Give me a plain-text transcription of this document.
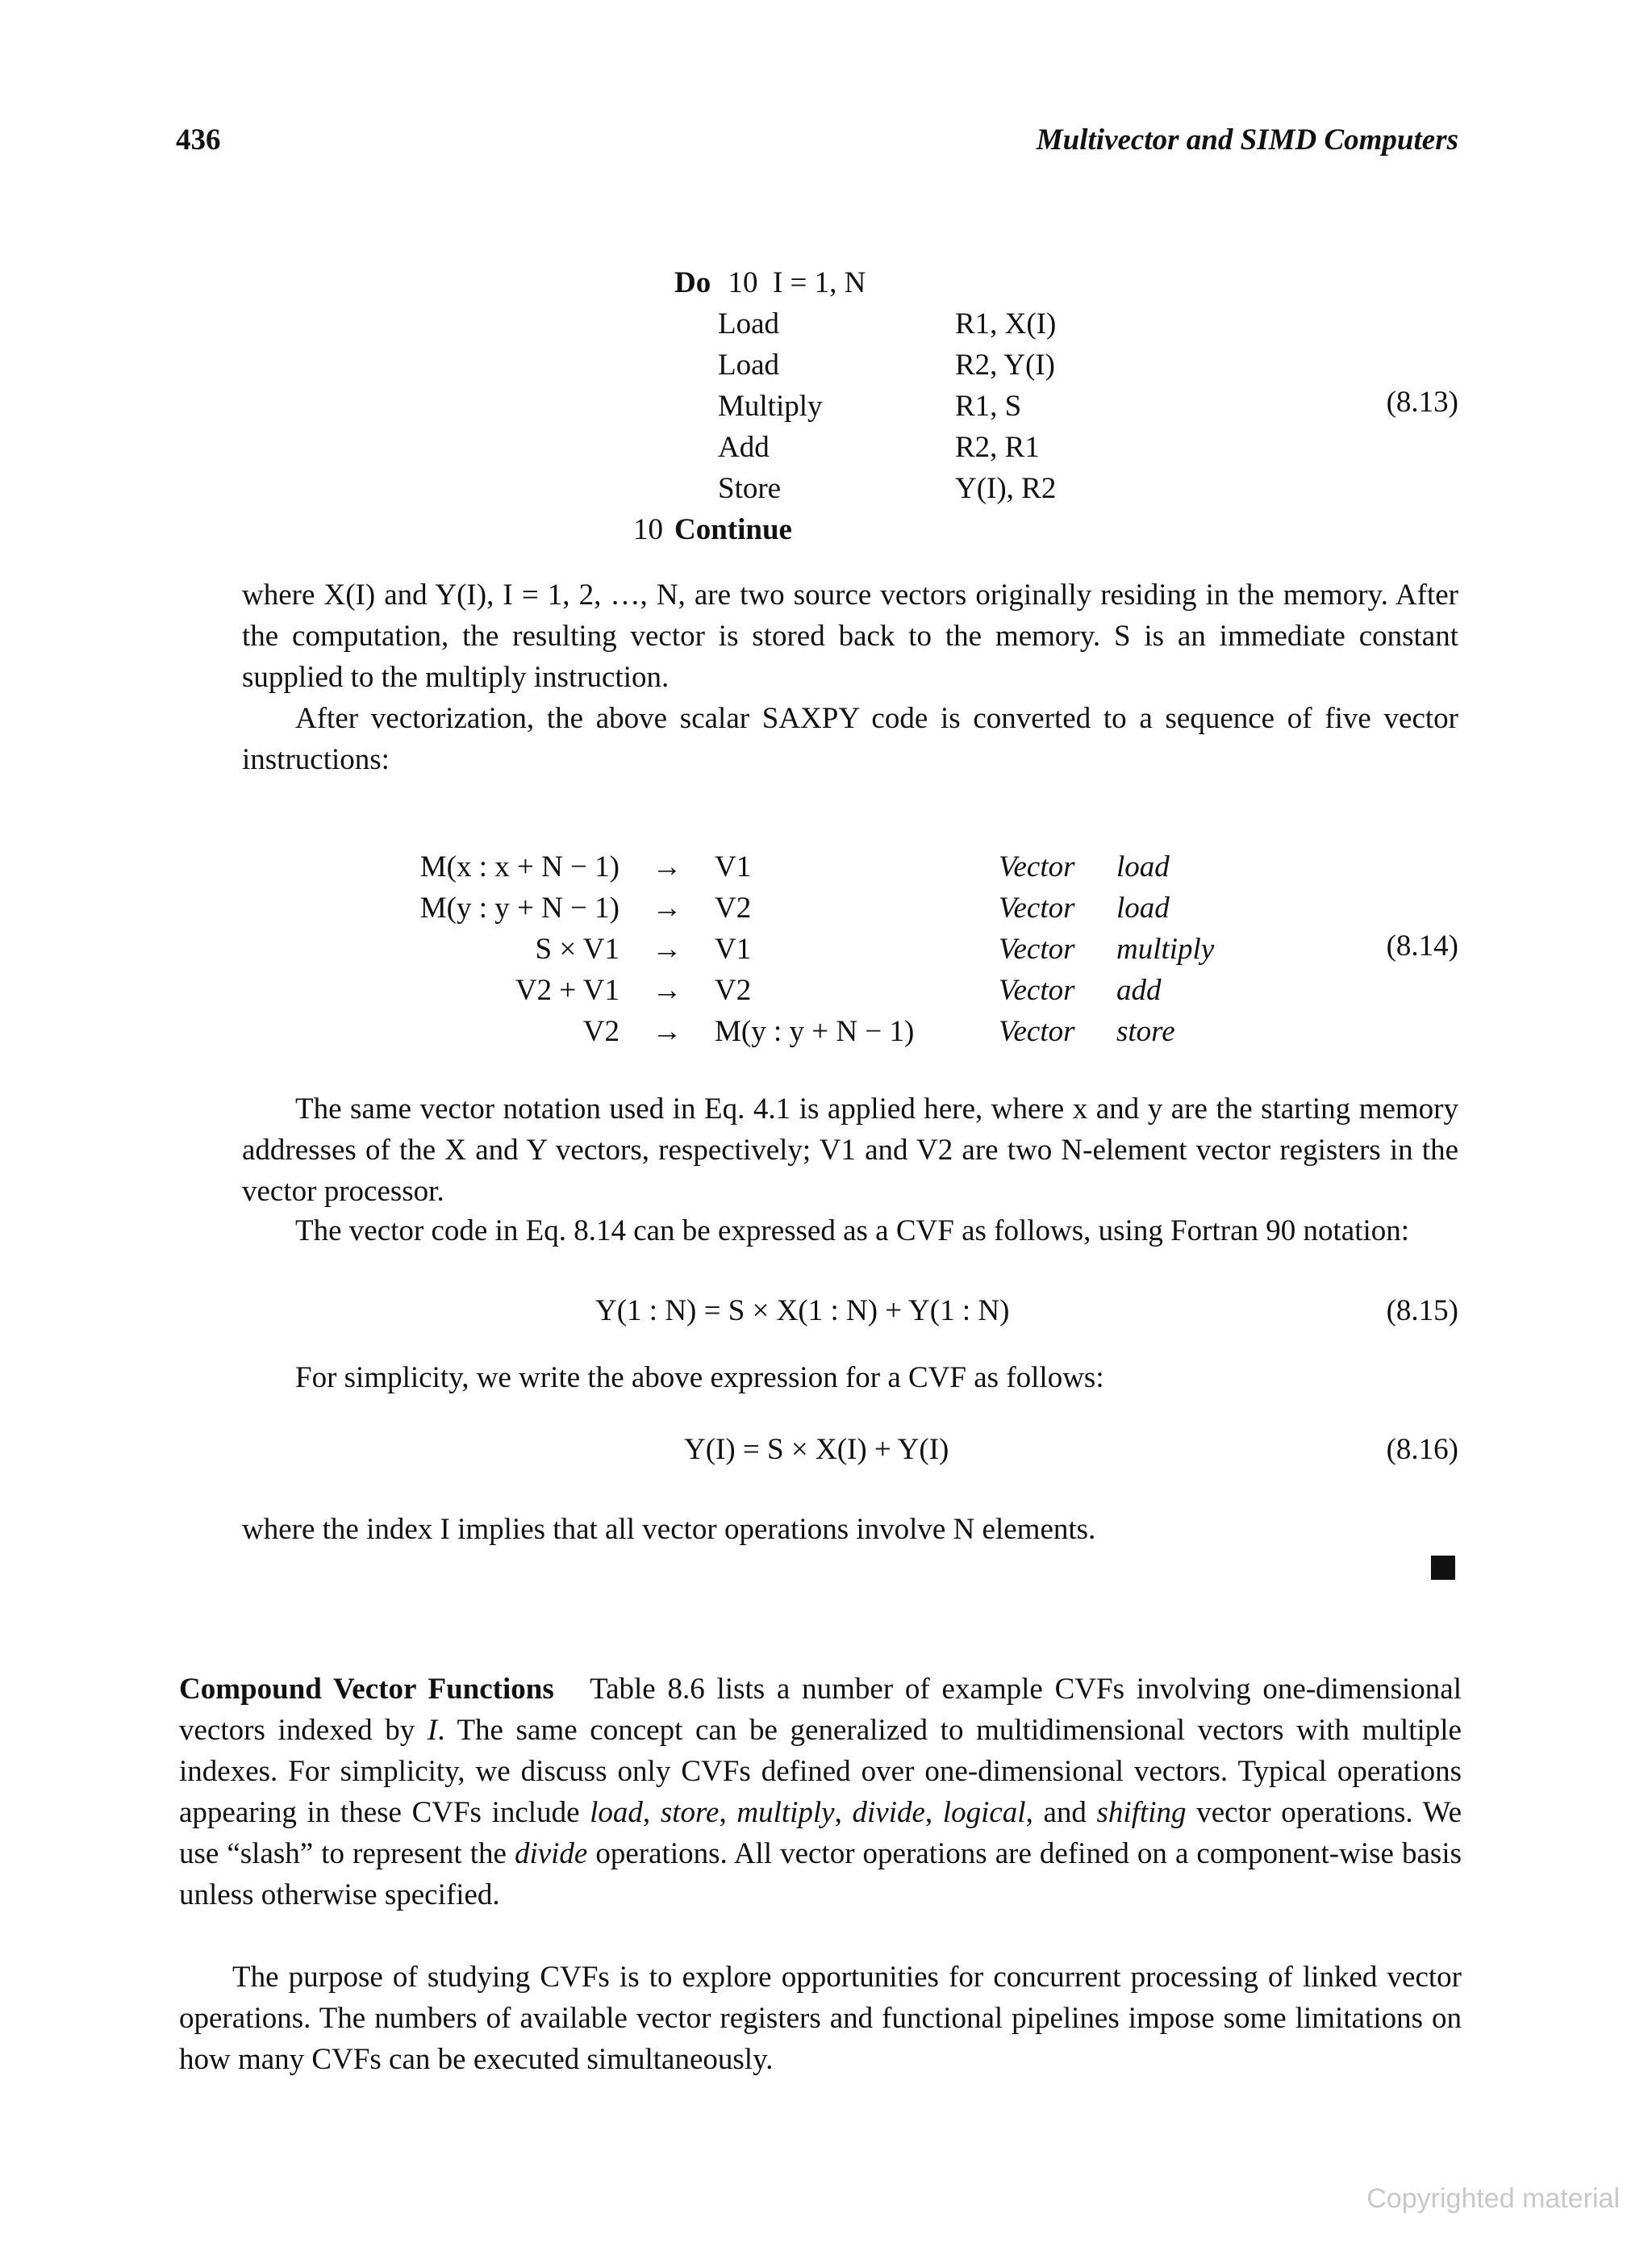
436	Multivector and SIMD Computers
	Do 10  I = 1, N	
	Load	R1, X(I)
	Load	R2, Y(I)
	Multiply	R1, S
	Add	R2, R1
	Store	Y(I), R2
10	Continue	
(8.13)
where X(I) and Y(I), I = 1, 2, …, N, are two source vectors originally residing in the memory. After the computation, the resulting vector is stored back to the memory. S is an immediate constant supplied to the multiply instruction.
After vectorization, the above scalar SAXPY code is converted to a sequence of five vector instructions:
M(x : x + N − 1)	→	V1	Vector	load
M(y : y + N − 1)	→	V2	Vector	load
S × V1	→	V1	Vector	multiply
V2 + V1	→	V2	Vector	add
V2	→	M(y : y + N − 1)	Vector	store
(8.14)
The same vector notation used in Eq. 4.1 is applied here, where x and y are the starting memory addresses of the X and Y vectors, respectively; V1 and V2 are two N-element vector registers in the vector processor.
The vector code in Eq. 8.14 can be expressed as a CVF as follows, using Fortran 90 notation:
Y(1 : N) = S × X(1 : N) + Y(1 : N)	(8.15)
For simplicity, we write the above expression for a CVF as follows:
Y(I) = S × X(I) + Y(I)	(8.16)
where the index I implies that all vector operations involve N elements.
Compound Vector Functions Table 8.6 lists a number of example CVFs involving one-dimensional vectors indexed by I. The same concept can be generalized to multidimensional vectors with multiple indexes. For simplicity, we discuss only CVFs defined over one-dimensional vectors. Typical operations appearing in these CVFs include load, store, multiply, divide, logical, and shifting vector operations. We use “slash” to represent the divide operations. All vector operations are defined on a component-wise basis unless otherwise specified.
The purpose of studying CVFs is to explore opportunities for concurrent processing of linked vector operations. The numbers of available vector registers and functional pipelines impose some limitations on how many CVFs can be executed simultaneously.
Copyrighted material
